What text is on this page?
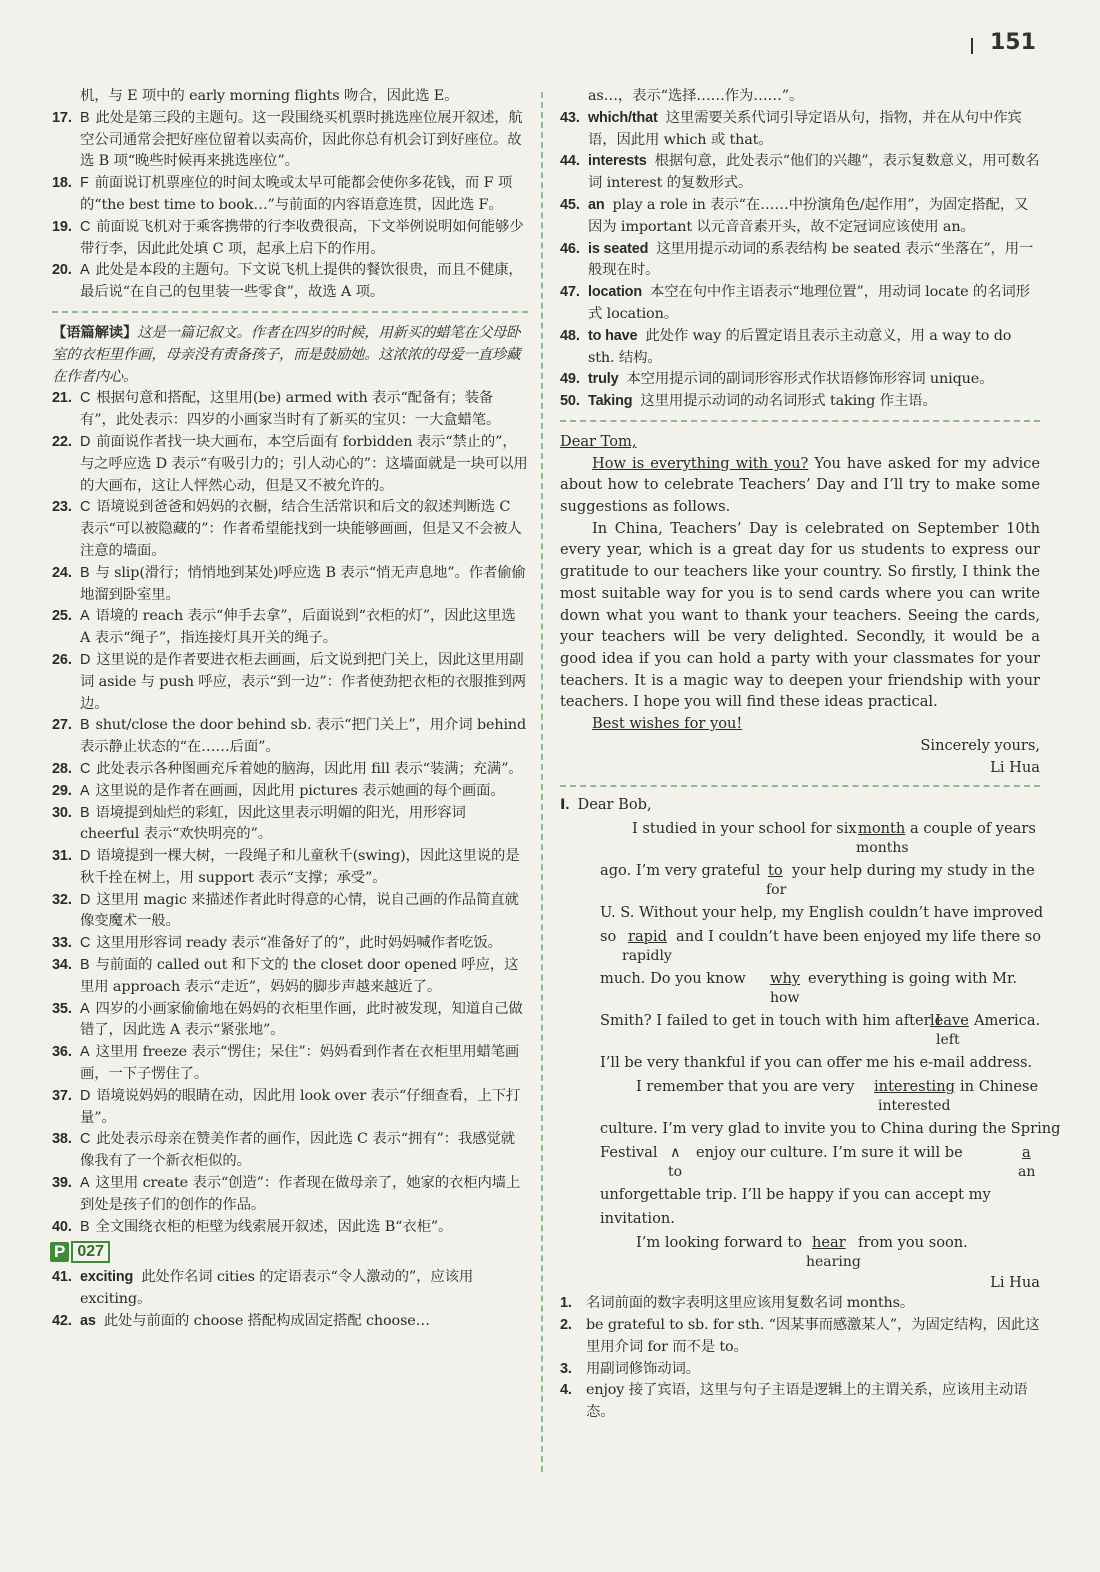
151
机，与 E 项中的 early morning flights 吻合，因此选 E。
17. B 此处是第三段的主题句。这一段围绕买机票时挑选座位展开叙述，航空公司通常会把好座位留着以卖高价，因此你总有机会订到好座位。故选 B 项“晚些时候再来挑选座位”。
18. F 前面说订机票座位的时间太晚或太早可能都会使你多花钱，而 F 项的“the best time to book…”与前面的内容语意连贯，因此选 F。
19. C 前面说飞机对于乘客携带的行李收费很高，下文举例说明如何能够少带行李，因此此处填 C 项，起承上启下的作用。
20. A 此处是本段的主题句。下文说飞机上提供的餐饮很贵，而且不健康，最后说“在自己的包里装一些零食”，故选 A 项。
【语篇解读】这是一篇记叙文。作者在四岁的时候，用新买的蜡笔在父母卧室的衣柜里作画，母亲没有责备孩子，而是鼓励她。这浓浓的母爱一直珍藏在作者内心。
21. C 根据句意和搭配，这里用(be) armed with 表示“配备有；装备有”，此处表示：四岁的小画家当时有了新买的宝贝：一大盒蜡笔。
22. D 前面说作者找一块大画布，本空后面有 forbidden 表示“禁止的”，与之呼应选 D 表示“有吸引力的；引人动心的”：这墙面就是一块可以用的大画布，这让人怦然心动，但是又不被允许的。
23. C 语境说到爸爸和妈妈的衣橱，结合生活常识和后文的叙述判断选 C 表示“可以被隐藏的”：作者希望能找到一块能够画画，但是又不会被人注意的墙面。
24. B 与 slip(滑行；悄悄地到某处)呼应选 B 表示“悄无声息地”。作者偷偷地溜到卧室里。
25. A 语境的 reach 表示“伸手去拿”，后面说到“衣柜的灯”，因此这里选 A 表示“绳子”，指连接灯具开关的绳子。
26. D 这里说的是作者要进衣柜去画画，后文说到把门关上，因此这里用副词 aside 与 push 呼应，表示“到一边”：作者使劲把衣柜的衣服推到两边。
27. B shut/close the door behind sb. 表示“把门关上”，用介词 behind 表示静止状态的“在……后面”。
28. C 此处表示各种图画充斥着她的脑海，因此用 fill 表示“装满；充满”。
29. A 这里说的是作者在画画，因此用 pictures 表示她画的每个画面。
30. B 语境提到灿烂的彩虹，因此这里表示明媚的阳光，用形容词 cheerful 表示“欢快明亮的”。
31. D 语境提到一棵大树，一段绳子和儿童秋千(swing)，因此这里说的是秋千拴在树上，用 support 表示“支撑；承受”。
32. D 这里用 magic 来描述作者此时得意的心情，说自己画的作品简直就像变魔术一般。
33. C 这里用形容词 ready 表示“准备好了的”，此时妈妈喊作者吃饭。
34. B 与前面的 called out 和下文的 the closet door opened 呼应，这里用 approach 表示“走近”，妈妈的脚步声越来越近了。
35. A 四岁的小画家偷偷地在妈妈的衣柜里作画，此时被发现，知道自己做错了，因此选 A 表示“紧张地”。
36. A 这里用 freeze 表示“愣住；呆住”：妈妈看到作者在衣柜里用蜡笔画画，一下子愣住了。
37. D 语境说妈妈的眼睛在动，因此用 look over 表示“仔细查看，上下打量”。
38. C 此处表示母亲在赞美作者的画作，因此选 C 表示“拥有”：我感觉就像我有了一个新衣柜似的。
39. A 这里用 create 表示“创造”：作者现在做母亲了，她家的衣柜内墙上到处是孩子们的创作的作品。
40. B 全文围绕衣柜的柜壁为线索展开叙述，因此选 B“衣柜”。
P 027
41. exciting 此处作名词 cities 的定语表示“令人激动的”，应该用 exciting。
42. as 此处与前面的 choose 搭配构成固定搭配 choose…
as…，表示“选择……作为……”。
43. which/that 这里需要关系代词引导定语从句，指物，并在从句中作宾语，因此用 which 或 that。
44. interests 根据句意，此处表示“他们的兴趣”，表示复数意义，用可数名词 interest 的复数形式。
45. an play a role in 表示“在……中扮演角色/起作用”，为固定搭配，又因为 important 以元音音素开头，故不定冠词应该使用 an。
46. is seated 这里用提示动词的系表结构 be seated 表示“坐落在”，用一般现在时。
47. location 本空在句中作主语表示“地理位置”，用动词 locate 的名词形式 location。
48. to have 此处作 way 的后置定语且表示主动意义，用 a way to do sth. 结构。
49. truly 本空用提示词的副词形容形式作状语修饰形容词 unique。
50. Taking 这里用提示动词的动名词形式 taking 作主语。
Dear Tom,

How is everything with you? You have asked for my advice about how to celebrate Teachers’ Day and I’ll try to make some suggestions as follows.

In China, Teachers’ Day is celebrated on September 10th every year, which is a great day for us students to express our gratitude to our teachers like your country. So firstly, I think the most suitable way for you is to send cards where you can write down what you want to thank your teachers. Seeing the cards, your teachers will be very delighted. Secondly, it would be a good idea if you can hold a party with your classmates for your teachers. It is a magic way to deepen your friendship with your teachers. I hope you will find these ideas practical.

Best wishes for you!

Sincerely yours,
Li Hua
Ⅰ. Dear Bob,
I studied in your school for six month
months
a couple of years
ago. I’m very grateful to
for
your help during my study in the
U. S. Without your help, my English couldn’t have improved
so rapid
rapidly
and I couldn’t have been enjoyed my life there so
much. Do you know why
how
everything is going with Mr.
Smith? I failed to get in touch with him after I
leave
left
America.
I’ll be very thankful if you can offer me his e-mail address.
I remember that you are very interesting
interested
in Chinese
culture. I’m very glad to invite you to China during the Spring
Festival ∧
to
enjoy our culture. I’m sure it will be	a
an
unforgettable trip. I’ll be happy if you can accept my
invitation.
I’m looking forward to hear
hearing
from you soon.
Li Hua
1. 名词前面的数字表明这里应该用复数名词 months。
2. be grateful to sb. for sth. “因某事而感激某人”，为固定结构，因此这里用介词 for 而不是 to。
3. 用副词修饰动词。
4. enjoy 接了宾语，这里与句子主语是逻辑上的主谓关系，应该用主动语态。
